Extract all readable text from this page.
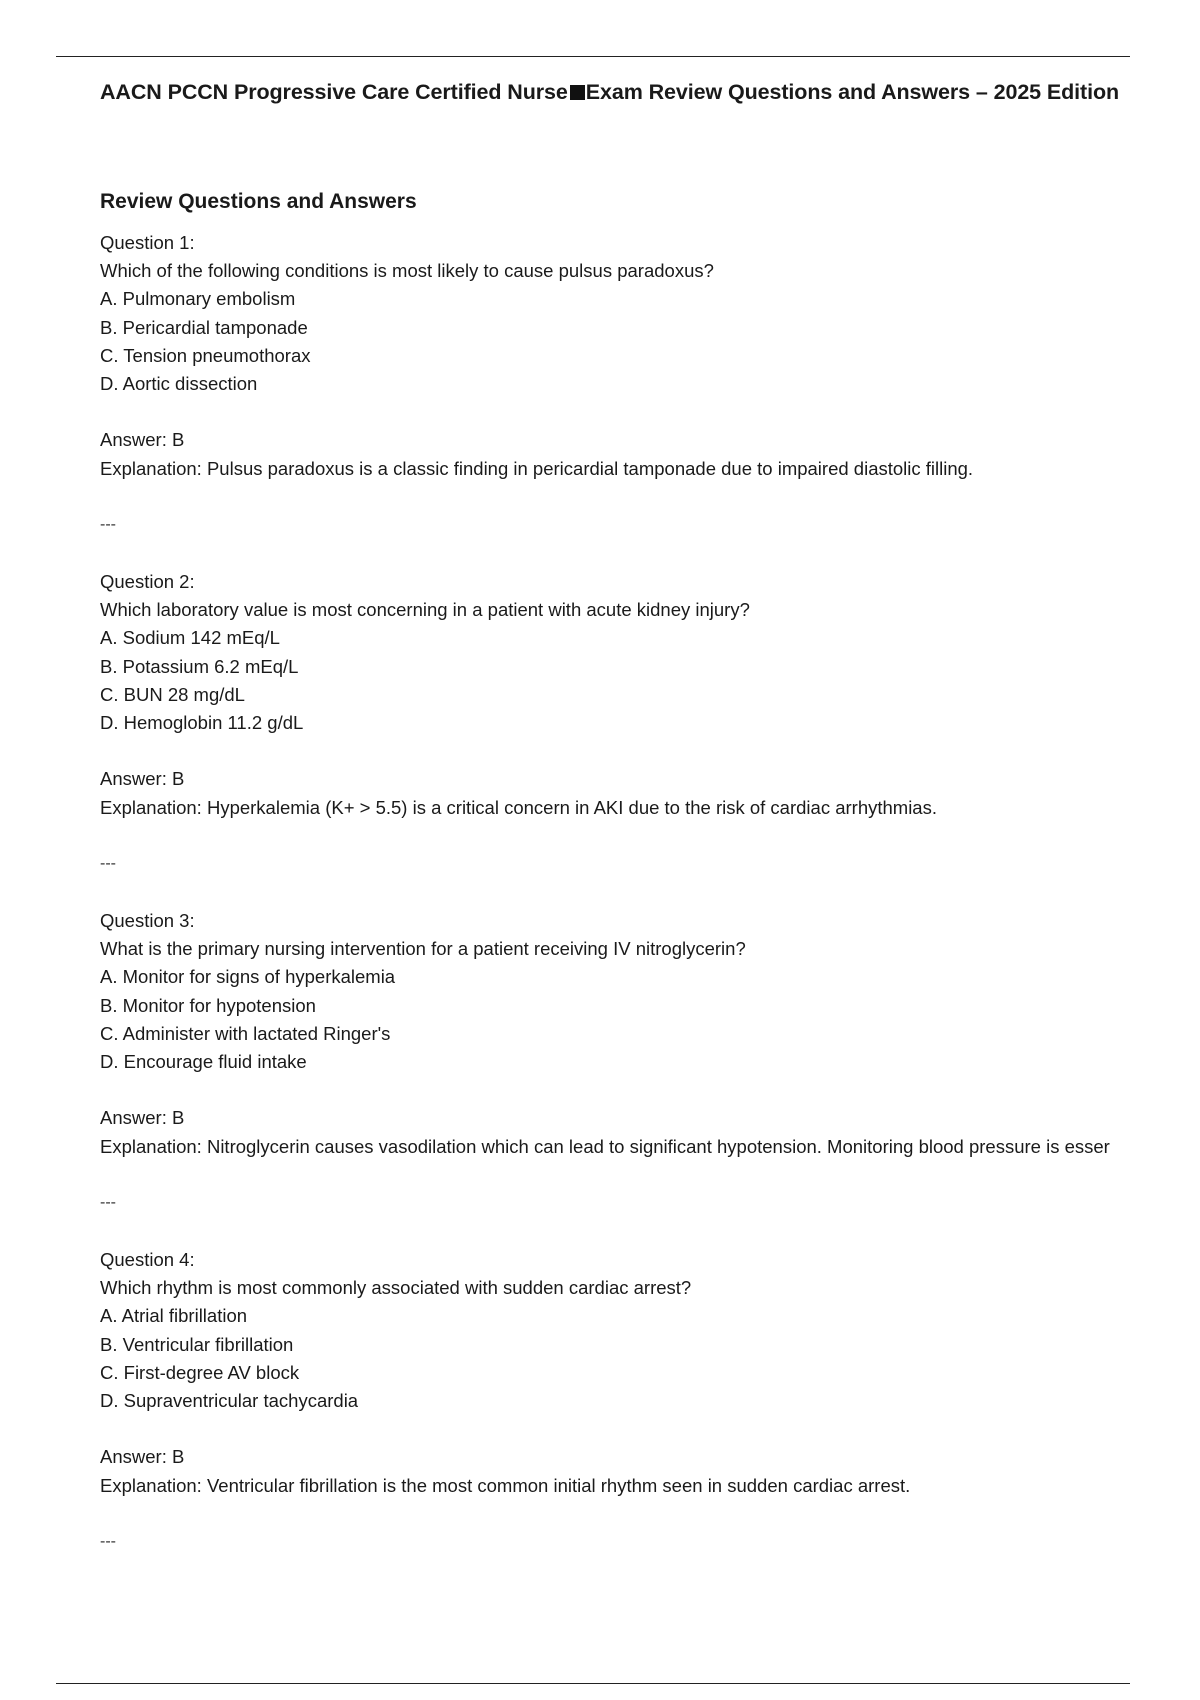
AACN PCCN Progressive Care Certified Nurse Exam Review Questions and Answers – 2025 Edition
Review Questions and Answers
Question 1:
Which of the following conditions is most likely to cause pulsus paradoxus?
A. Pulmonary embolism
B. Pericardial tamponade
C. Tension pneumothorax
D. Aortic dissection
Answer: B
Explanation: Pulsus paradoxus is a classic finding in pericardial tamponade due to impaired diastolic filling.
---
Question 2:
Which laboratory value is most concerning in a patient with acute kidney injury?
A. Sodium 142 mEq/L
B. Potassium 6.2 mEq/L
C. BUN 28 mg/dL
D. Hemoglobin 11.2 g/dL
Answer: B
Explanation: Hyperkalemia (K+ > 5.5) is a critical concern in AKI due to the risk of cardiac arrhythmias.
---
Question 3:
What is the primary nursing intervention for a patient receiving IV nitroglycerin?
A. Monitor for signs of hyperkalemia
B. Monitor for hypotension
C. Administer with lactated Ringer's
D. Encourage fluid intake
Answer: B
Explanation: Nitroglycerin causes vasodilation which can lead to significant hypotension. Monitoring blood pressure is esser
---
Question 4:
Which rhythm is most commonly associated with sudden cardiac arrest?
A. Atrial fibrillation
B. Ventricular fibrillation
C. First-degree AV block
D. Supraventricular tachycardia
Answer: B
Explanation: Ventricular fibrillation is the most common initial rhythm seen in sudden cardiac arrest.
---
